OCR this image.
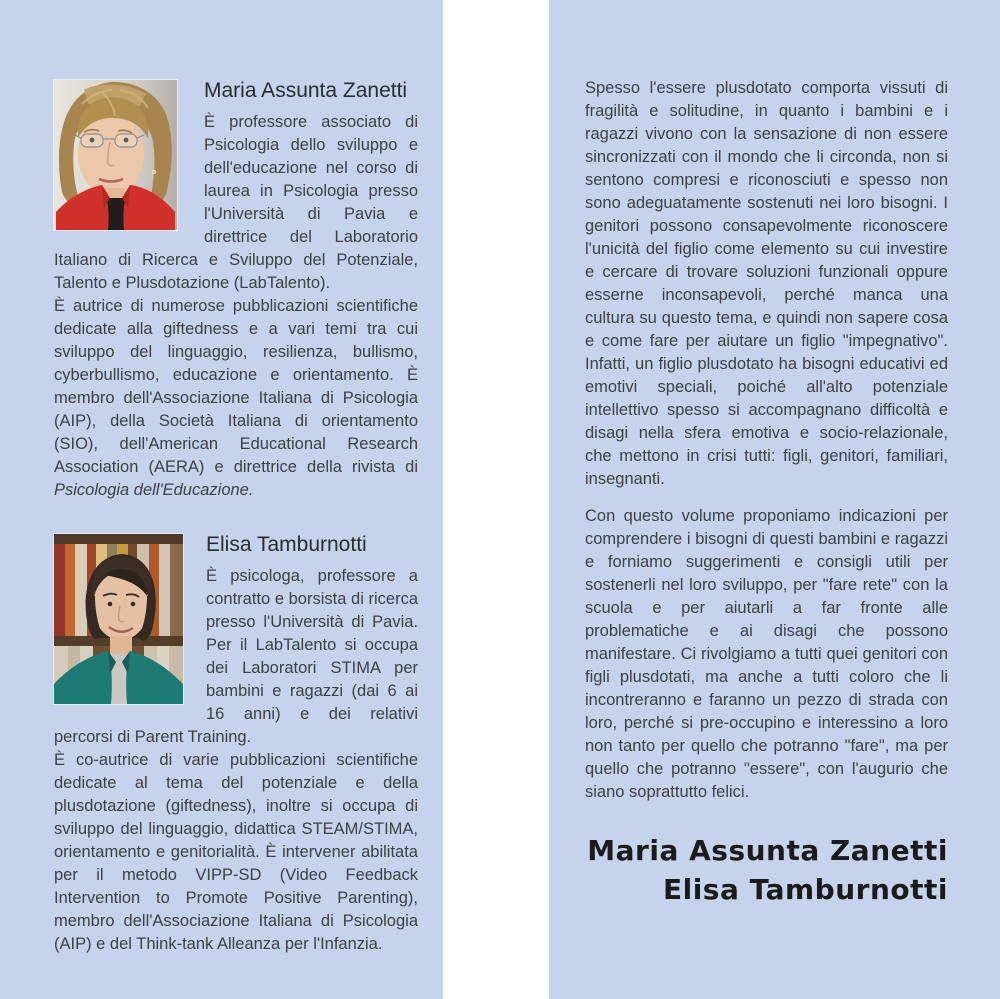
Maria Assunta Zanetti

È professore associato di Psicologia dello sviluppo e dell'educazione nel corso di laurea in Psicologia presso l'Università di Pavia e direttrice del Laboratorio Italiano di Ricerca e Sviluppo del Potenziale, Talento e Plusdotazione (LabTalento).

È autrice di numerose pubblicazioni scientifiche dedicate alla giftedness e a vari temi tra cui sviluppo del linguaggio, resilienza, bullismo, cyberbullismo, educazione e orientamento. È membro dell'Associazione Italiana di Psicologia (AIP), della Società Italiana di orientamento (SIO), dell'American Educational Research Association (AERA) e direttrice della rivista di Psicologia dell'Educazione.

Elisa Tamburnotti

È psicologa, professore a contratto e borsista di ricerca presso l'Università di Pavia. Per il LabTalento si occupa dei Laboratori STIMA per bambini e ragazzi (dai 6 ai 16 anni) e dei relativi percorsi di Parent Training.

È co-autrice di varie pubblicazioni scientifiche dedicate al tema del potenziale e della plusdotazione (giftedness), inoltre si occupa di sviluppo del linguaggio, didattica STEAM/STIMA, orientamento e genitorialità. È intervener abilitata per il metodo VIPP-SD (Video Feedback Intervention to Promote Positive Parenting), membro dell'Associazione Italiana di Psicologia (AIP) e del Think-tank Alleanza per l'Infanzia.

Spesso l'essere plusdotato comporta vissuti di fragilità e solitudine, in quanto i bambini e i ragazzi vivono con la sensazione di non essere sincronizzati con il mondo che li circonda, non si sentono compresi e riconosciuti e spesso non sono adeguatamente sostenuti nei loro bisogni. I genitori possono consapevolmente riconoscere l'unicità del figlio come elemento su cui investire e cercare di trovare soluzioni funzionali oppure esserne inconsapevoli, perché manca una cultura su questo tema, e quindi non sapere cosa e come fare per aiutare un figlio "impegnativo". Infatti, un figlio plusdotato ha bisogni educativi ed emotivi speciali, poiché all'alto potenziale intellettivo spesso si accompagnano difficoltà e disagi nella sfera emotiva e socio-relazionale, che mettono in crisi tutti: figli, genitori, familiari, insegnanti.

Con questo volume proponiamo indicazioni per comprendere i bisogni di questi bambini e ragazzi e forniamo suggerimenti e consigli utili per sostenerli nel loro sviluppo, per "fare rete" con la scuola e per aiutarli a far fronte alle problematiche e ai disagi che possono manifestare. Ci rivolgiamo a tutti quei genitori con figli plusdotati, ma anche a tutti coloro che li incontreranno e faranno un pezzo di strada con loro, perché si pre-occupino e interessino a loro non tanto per quello che potranno "fare", ma per quello che potranno "essere", con l'augurio che siano soprattutto felici.

Maria Assunta Zanetti
Elisa Tamburnotti
